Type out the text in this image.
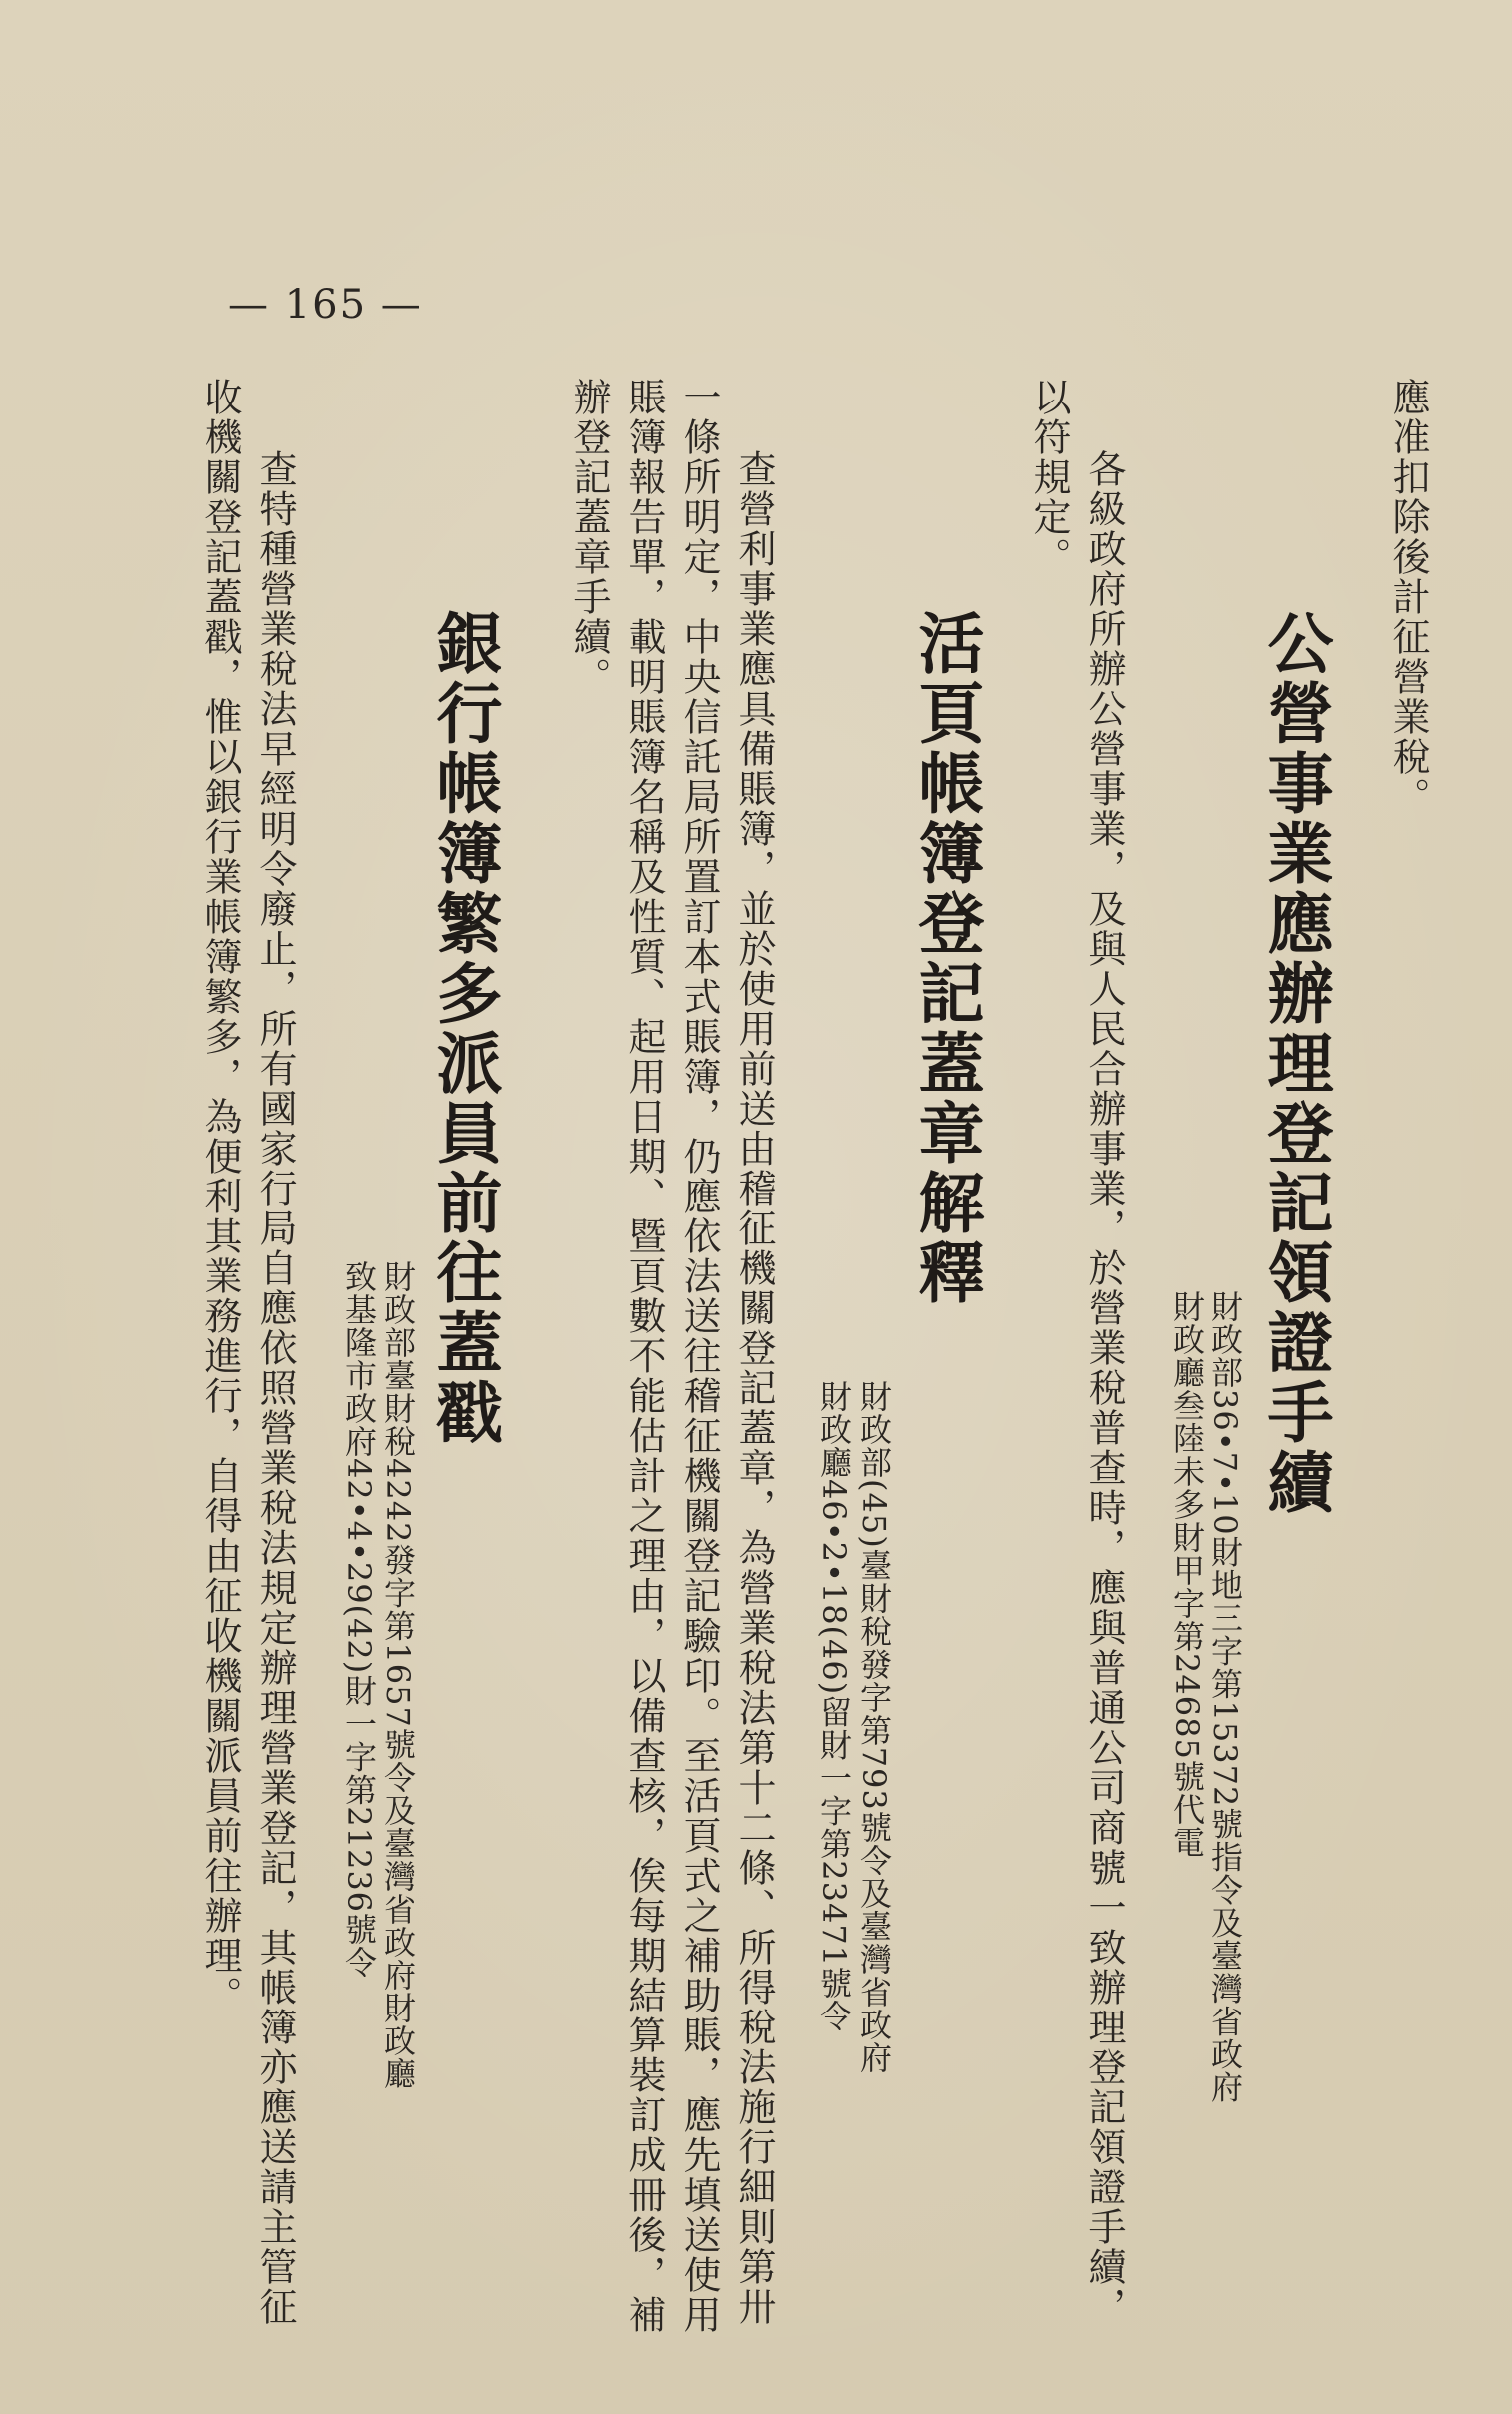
— 165 —
應准扣除後計征營業稅。
公營事業應辦理登記領證手續
財政部36•7•10財地三字第15372號指令及臺灣省政府
財政廳叁陸未多財甲字第24685號代電
各級政府所辦公營事業，及與人民合辦事業，於營業稅普查時，應與普通公司商號一致辦理登記領證手續，
以符規定。
活頁帳簿登記蓋章解釋
財政部(45)臺財稅發字第793號令及臺灣省政府
財政廳46•2•18(46)留財一字第23471號令
查營利事業應具備賬簿，並於使用前送由稽征機關登記蓋章，為營業稅法第十二條、所得稅法施行細則第卅
一條所明定，中央信託局所置訂本式賬簿，仍應依法送往稽征機關登記驗印。至活頁式之補助賬，應先填送使用
賬簿報告單，載明賬簿名稱及性質、起用日期、暨頁數不能估計之理由，以備查核，俟每期結算裝訂成冊後，補
辦登記蓋章手續。
銀行帳簿繁多派員前往蓋戳
財政部臺財稅4242發字第1657號令及臺灣省政府財政廳
致基隆市政府42•4•29(42)財一字第21236號令
查特種營業稅法早經明令廢止，所有國家行局自應依照營業稅法規定辦理營業登記，其帳簿亦應送請主管征
收機關登記蓋戳，惟以銀行業帳簿繁多，為便利其業務進行，自得由征收機關派員前往辦理。
